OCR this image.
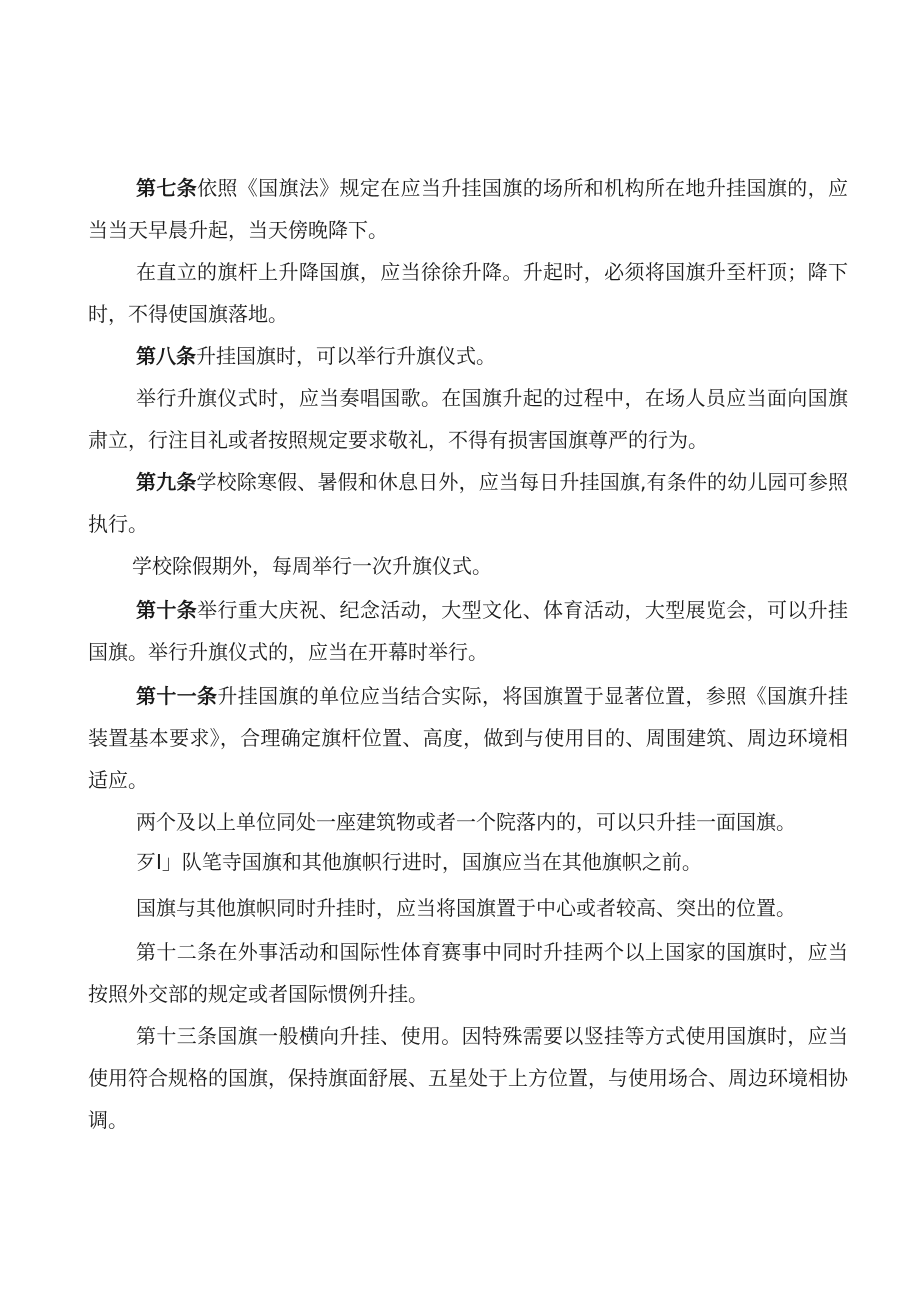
第七条依照《国旗法》规定在应当升挂国旗的场所和机构所在地升挂国旗的，应当当天早晨升起，当天傍晚降下。

在直立的旗杆上升降国旗，应当徐徐升降。升起时，必须将国旗升至杆顶；降下时，不得使国旗落地。

第八条升挂国旗时，可以举行升旗仪式。

举行升旗仪式时，应当奏唱国歌。在国旗升起的过程中，在场人员应当面向国旗肃立，行注目礼或者按照规定要求敬礼，不得有损害国旗尊严的行为。

第九条学校除寒假、暑假和休息日外，应当每日升挂国旗,有条件的幼儿园可参照执行。

学校除假期外，每周举行一次升旗仪式。

第十条举行重大庆祝、纪念活动，大型文化、体育活动，大型展览会，可以升挂国旗。举行升旗仪式的，应当在开幕时举行。

第十一条升挂国旗的单位应当结合实际，将国旗置于显著位置，参照《国旗升挂装置基本要求》，合理确定旗杆位置、高度，做到与使用目的、周围建筑、周边环境相适应。

两个及以上单位同处一座建筑物或者一个院落内的，可以只升挂一面国旗。

歹I」队笔寺国旗和其他旗帜行进时，国旗应当在其他旗帜之前。

国旗与其他旗帜同时升挂时，应当将国旗置于中心或者较高、突出的位置。

第十二条在外事活动和国际性体育赛事中同时升挂两个以上国家的国旗时，应当按照外交部的规定或者国际惯例升挂。

第十三条国旗一般横向升挂、使用。因特殊需要以竖挂等方式使用国旗时，应当使用符合规格的国旗，保持旗面舒展、五星处于上方位置，与使用场合、周边环境相协调。
